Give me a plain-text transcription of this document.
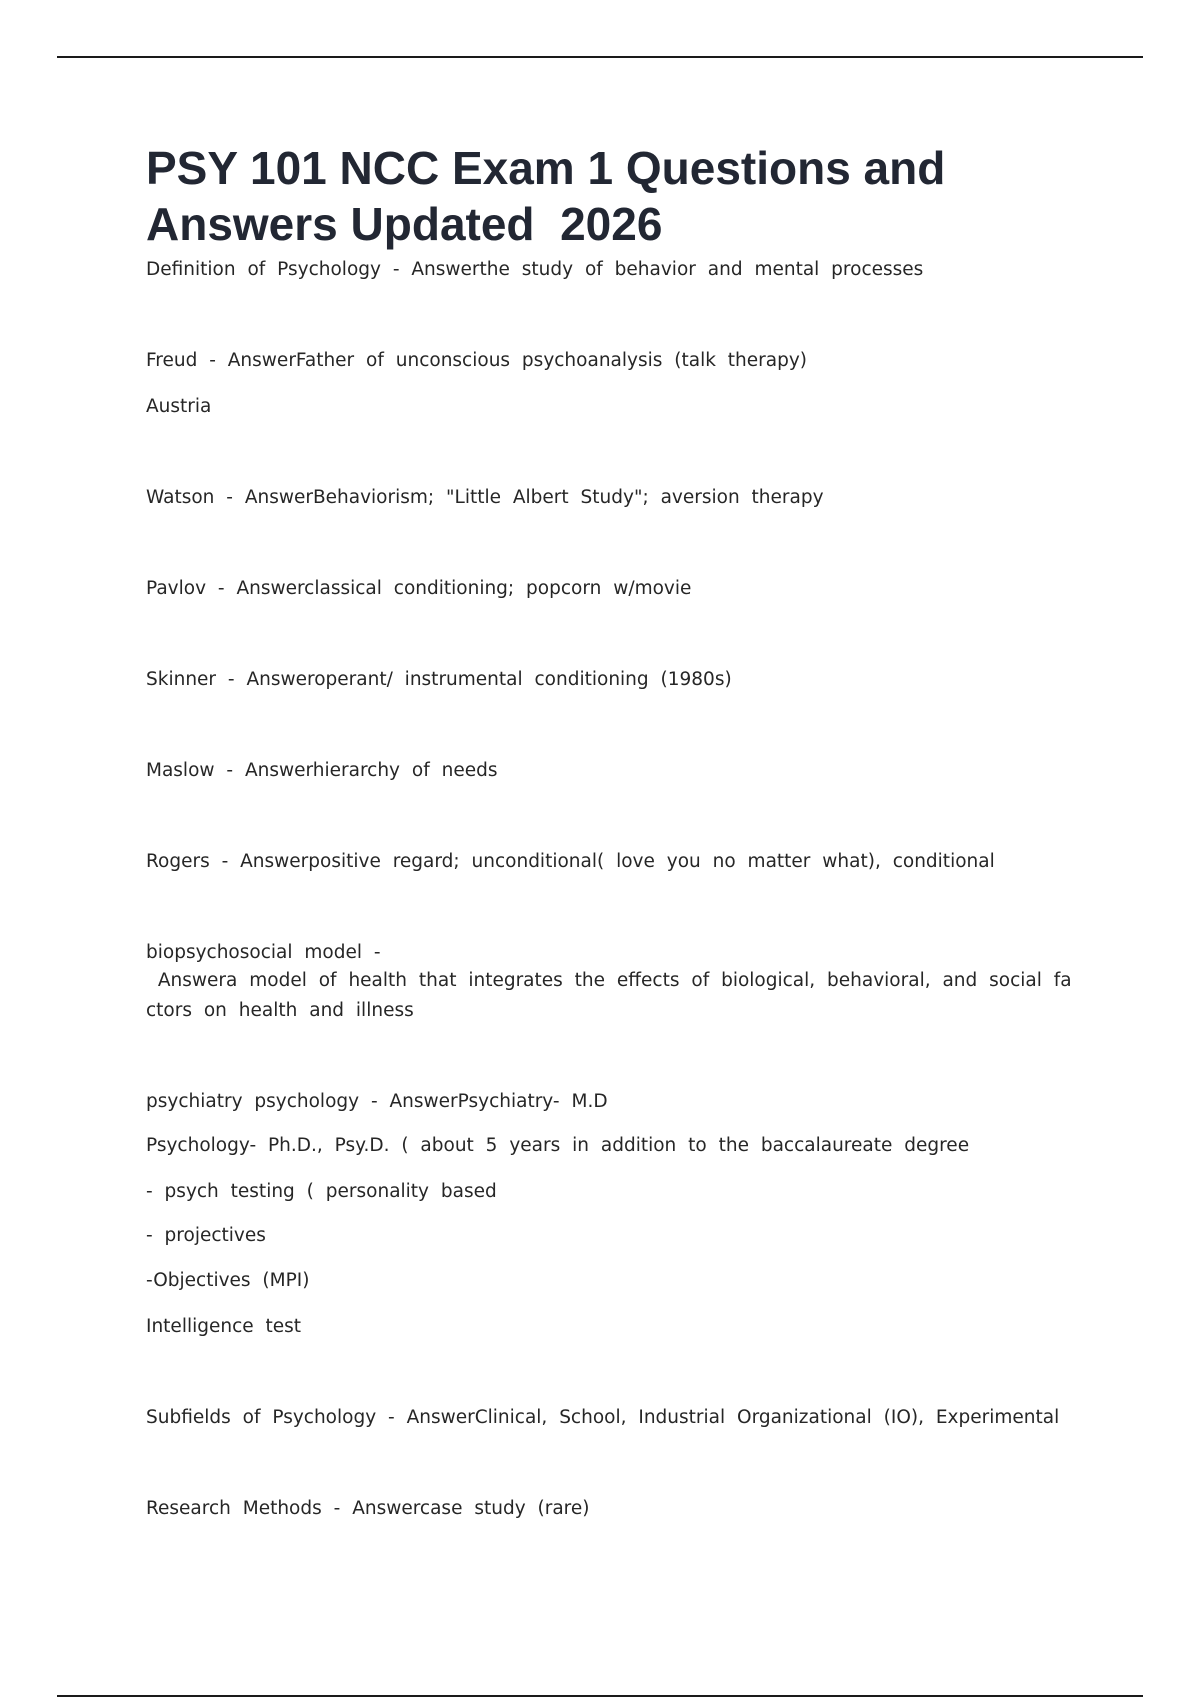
PSY 101 NCC Exam 1 Questions and
Answers Updated  2026

Definition of Psychology - Answerthe study of behavior and mental processes

Freud - AnswerFather of unconscious psychoanalysis (talk therapy)

Austria

Watson - AnswerBehaviorism; "Little Albert Study"; aversion therapy

Pavlov - Answerclassical conditioning; popcorn w/movie

Skinner - Answeroperant/ instrumental conditioning (1980s)

Maslow - Answerhierarchy of needs

Rogers - Answerpositive regard; unconditional( love you no matter what), conditional

biopsychosocial model -

Answera model of health that integrates the effects of biological, behavioral, and social fa

ctors on health and illness

psychiatry psychology - AnswerPsychiatry- M.D

Psychology- Ph.D., Psy.D. ( about 5 years in addition to the baccalaureate degree

- psych testing ( personality based

- projectives

-Objectives (MPI)

Intelligence test

Subfields of Psychology - AnswerClinical, School, Industrial Organizational (IO), Experimental

Research Methods - Answercase study (rare)
